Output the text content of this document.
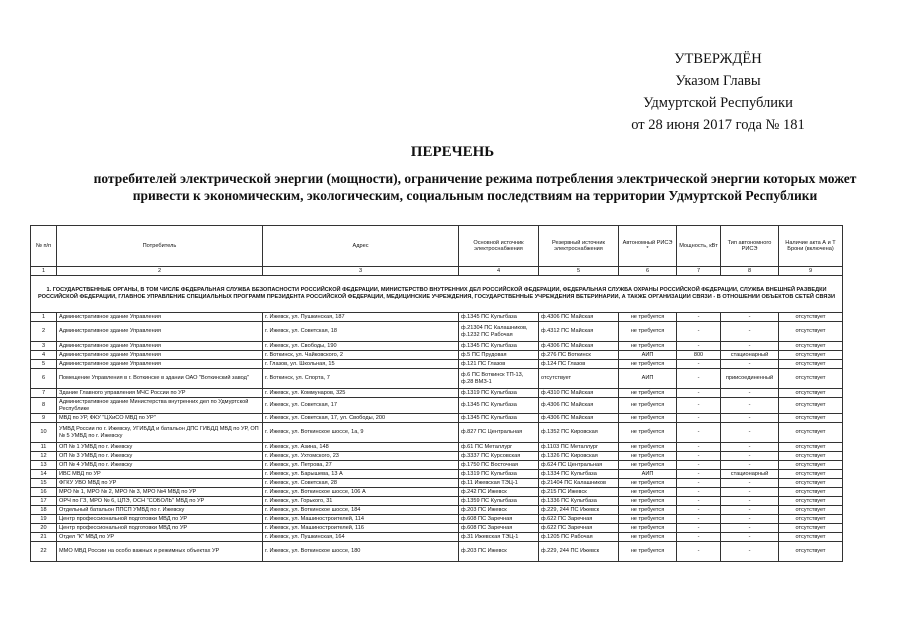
УТВЕРЖДЁН
Указом Главы
Удмуртской Республики
от 28 июня 2017 года № 181
ПЕРЕЧЕНЬ
потребителей электрической энергии (мощности), ограничение режима потребления электрической энергии которых может привести к экономическим, экологическим, социальным последствиям на территории Удмуртской Республики
№ п/п	Потребитель	Адрес	Основной источник электроснабжения	Резервный источник электроснабжения	Автономный РИСЭ *	Мощность, кВт	Тип автономного РИСЭ	Наличие акта А и Т Брони (включена)
1	2	3	4	5	6	7	8	9
1. ГОСУДАРСТВЕННЫЕ ОРГАНЫ, В ТОМ ЧИСЛЕ ФЕДЕРАЛЬНАЯ СЛУЖБА БЕЗОПАСНОСТИ РОССИЙСКОЙ ФЕДЕРАЦИИ, МИНИСТЕРСТВО ВНУТРЕННИХ ДЕЛ РОССИЙСКОЙ ФЕДЕРАЦИИ, ФЕДЕРАЛЬНАЯ СЛУЖБА ОХРАНЫ РОССИЙСКОЙ ФЕДЕРАЦИИ, СЛУЖБА ВНЕШНЕЙ РАЗВЕДКИ РОССИЙСКОЙ ФЕДЕРАЦИИ, ГЛАВНОЕ УПРАВЛЕНИЕ СПЕЦИАЛЬНЫХ ПРОГРАММ ПРЕЗИДЕНТА РОССИЙСКОЙ ФЕДЕРАЦИИ, МЕДИЦИНСКИЕ УЧРЕЖДЕНИЯ, ГОСУДАРСТВЕННЫЕ УЧРЕЖДЕНИЯ ВЕТЕРИНАРИИ, А ТАКЖЕ ОРГАНИЗАЦИИ СВЯЗИ - В ОТНОШЕНИИ ОБЪЕКТОВ СЕТЕЙ СВЯЗИ								
1	Административное здание Управления	г. Ижевск, ул. Пушкинская, 187	ф.1345 ПС Культбаза	ф.4306 ПС Майская	не требуется	-	-	отсутствует
2	Административное здание Управления	г. Ижевск, ул. Советская, 18	ф.21304 ПС Калашников, ф.1232 ПС Рабочая	ф.4312 ПС Майская	не требуется	-	-	отсутствует
3	Административное здание Управления	г. Ижевск, ул. Свободы, 190	ф.1345 ПС Культбаза	ф.4306 ПС Майская	не требуется	-	-	отсутствует
4	Административное здание Управления	г. Воткинск, ул. Чайковского, 2	ф.5 ПС Прудовая	ф.276 ПС Воткинск	АИП	800	стационарный	отсутствует
5	Административное здание Управления	г. Глазов, ул. Школьная, 15	ф.121 ПС Глазов	ф.124 ПС Глазов	не требуется	-	-	отсутствует
6	Помещение Управления в г. Воткинске в здании ОАО "Воткинский завод"	г. Воткинск, ул. Спорта, 7	ф.6 ПС Воткинск ТП-13, ф.28 ВМЗ-1	отсутствует	АИП	-	приисоединенный	отсутствует
7	Здание Главного управления МЧС России по УР	г. Ижевск, ул. Коммунаров, 325	ф.1319 ПС Культбаза	ф.4310 ПС Майская	не требуется	-	-	отсутствует
8	Административное здание Министерства внутренних дел по Удмуртской Республике	г. Ижевск, ул. Советская, 17	ф.1345 ПС Культбаза	ф.4306 ПС Майская	не требуется	-	-	отсутствует
9	МВД по УР, ФКУ "ЦХиСО МВД по УР"	г. Ижевск, ул. Советская, 17, ул. Свободы, 200	ф.1345 ПС Культбаза	ф.4306 ПС Майская	не требуется	-	-	отсутствует
10	УМВД России по г. Ижевску, УГИБДД и батальон ДПС ГИБДД МВД по УР, ОП № 5 УМВД по г. Ижевску	г. Ижевск, ул. Воткинское шоссе, 1а, 9	ф.827 ПС Центральная	ф.1352 ПС Кировская	не требуется	-	-	отсутствует
11	ОП № 1 УМВД по г. Ижевску	г. Ижевск, ул. Азина, 148	ф.61 ПС Металлург	ф.1103 ПС Металлург	не требуется	-	-	отсутствует
12	ОП № 3 УМВД по г. Ижевску	г. Ижевск, ул. Ухтомского, 23	ф.3337 ПС Курсовская	ф.1326 ПС Кировская	не требуется	-	-	отсутствует
13	ОП № 4 УМВД по г. Ижевску	г. Ижевск, ул. Петрова, 27	ф.1750 ПС Восточная	ф.624 ПС Центральная	не требуется	-	-	отсутствует
14	ИВС МВД по УР	г. Ижевск, ул. Барышева, 13 А	ф.1319 ПС Культбаза	ф.1334 ПС Культбаза	АИП	-	стационарный	отсутствует
15	ФГКУ УВО МВД по УР	г. Ижевск, ул. Советская, 28	ф.11 Ижевская ТЭЦ-1	ф.21404 ПС Калашников	не требуется	-	-	отсутствует
16	МРО № 1, МРО № 2, МРО № 3, МРО №4 МВД по УР	г. Ижевск, ул. Воткинское шоссе, 106 А	ф.242 ПС Ижевск	ф.215 ПС Ижевск	не требуется	-	-	отсутствует
17	ОРЧ по ГЗ, МРО № 6, ЦПЭ, ОСН "СОБОЛЬ" МВД по УР	г. Ижевск, ул. Горького, 31	ф.1359 ПС Культбаза	ф.1336 ПС Культбаза	не требуется	-	-	отсутствует
18	Отдельный батальон ППСП УМВД по г. Ижевску	г. Ижевск, ул. Воткинское шоссе, 184	ф.203 ПС Ижевск	ф.229, 244 ПС Ижевск	не требуется	-	-	отсутствует
19	Центр профессиональной подготовки МВД по УР	г. Ижевск, ул. Машиностроителей, 114	ф.608 ПС Заречная	ф.622 ПС Заречная	не требуется	-	-	отсутствует
20	Центр профессиональной подготовки МВД по УР	г. Ижевск, ул. Машиностроителей, 116	ф.608 ПС Заречная	ф.622 ПС Заречная	не требуется	-	-	отсутствует
21	Отдел "К" МВД по УР	г. Ижевск, ул. Пушкинская, 164	ф.31 Ижевская ТЭЦ-1	ф.1205 ПС Рабочая	не требуется	-	-	отсутствует
22	ММО МВД России на особо важных и режимных объектах УР	г. Ижевск, ул. Воткинское шоссе, 180	ф.203 ПС Ижевск	ф.229, 244 ПС Ижевск	не требуется	-	-	отсутствует
